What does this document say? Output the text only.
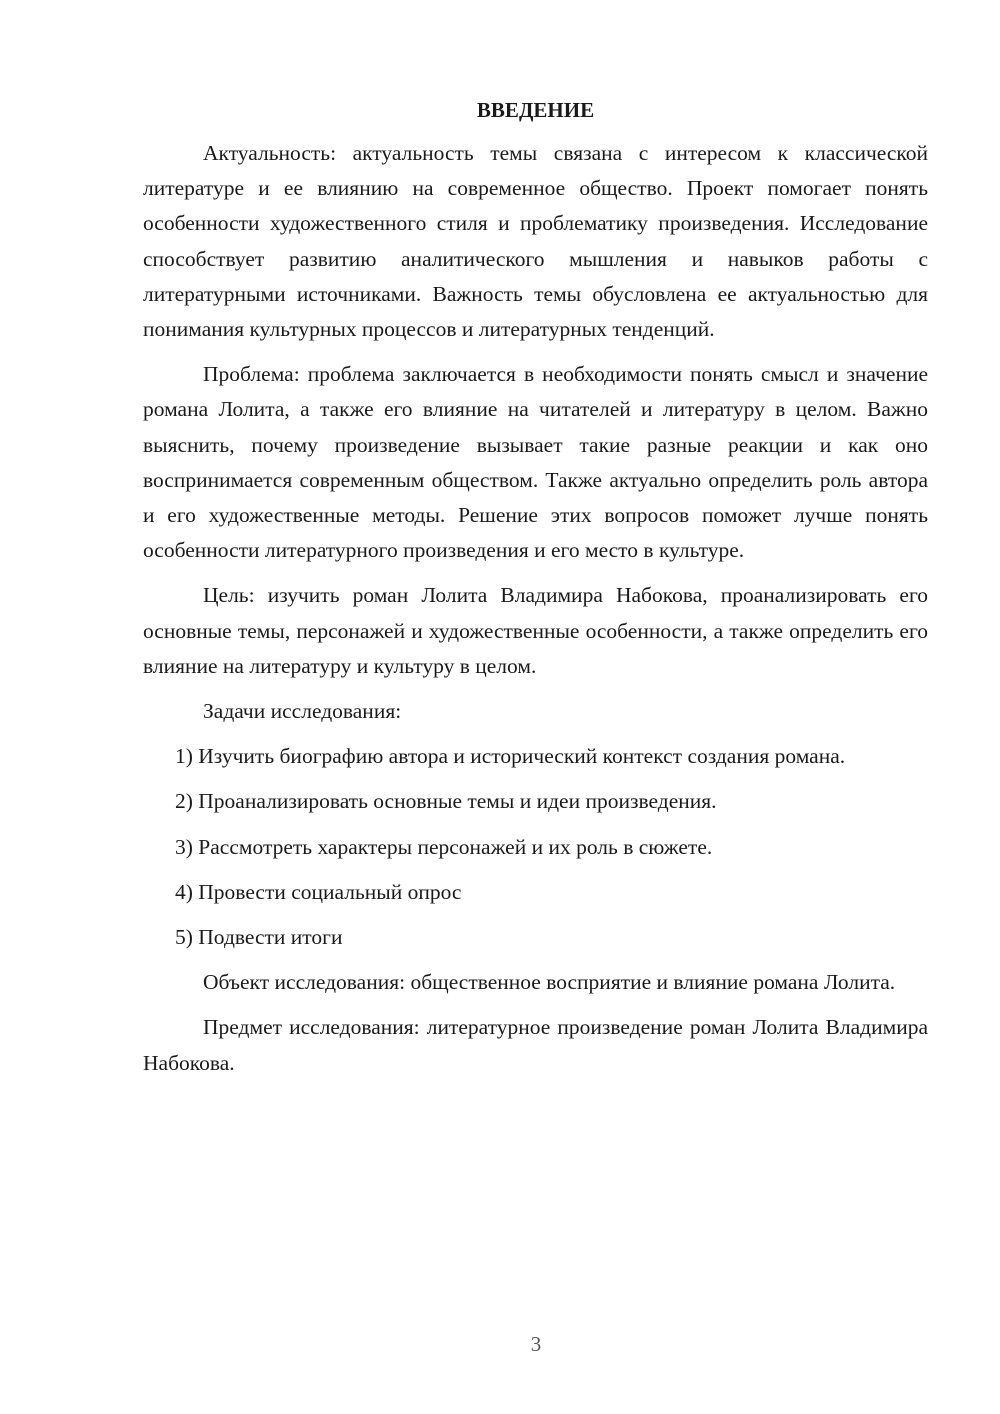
ВВЕДЕНИЕ

Актуальность: актуальность темы связана с интересом к классической литературе и ее влиянию на современное общество. Проект помогает понять особенности художественного стиля и проблематику произведения. Исследование способствует развитию аналитического мышления и навыков работы с литературными источниками. Важность темы обусловлена ее актуальностью для понимания культурных процессов и литературных тенденций.

Проблема: проблема заключается в необходимости понять смысл и значение романа Лолита, а также его влияние на читателей и литературу в целом. Важно выяснить, почему произведение вызывает такие разные реакции и как оно воспринимается современным обществом. Также актуально определить роль автора и его художественные методы. Решение этих вопросов поможет лучше понять особенности литературного произведения и его место в культуре.

Цель: изучить роман Лолита Владимира Набокова, проанализировать его основные темы, персонажей и художественные особенности, а также определить его влияние на литературу и культуру в целом.

Задачи исследования:

1) Изучить биографию автора и исторический контекст создания романа.

2) Проанализировать основные темы и идеи произведения.

3) Рассмотреть характеры персонажей и их роль в сюжете.

4) Провести социальный опрос

5) Подвести итоги

Объект исследования: общественное восприятие и влияние романа Лолита.

Предмет исследования: литературное произведение роман Лолита Владимира Набокова.

3
